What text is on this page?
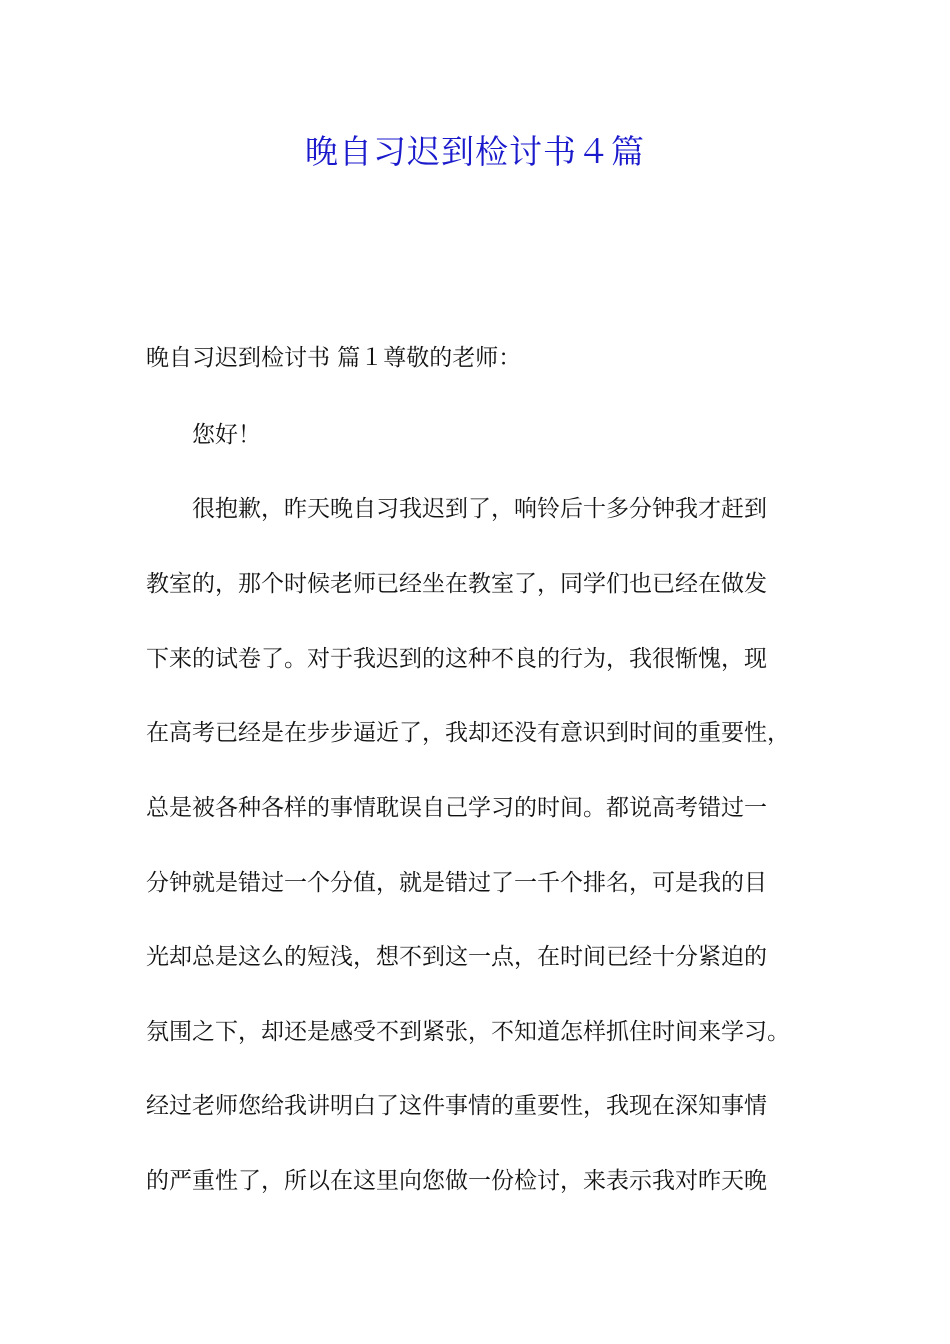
晚自习迟到检讨书４篇

晚自习迟到检讨书 篇１尊敬的老师：

您好！

很抱歉，昨天晚自习我迟到了，响铃后十多分钟我才赶到

教室的，那个时候老师已经坐在教室了，同学们也已经在做发

下来的试卷了。对于我迟到的这种不良的行为，我很惭愧，现

在高考已经是在步步逼近了，我却还没有意识到时间的重要性，

总是被各种各样的事情耽误自己学习的时间。都说高考错过一

分钟就是错过一个分值，就是错过了一千个排名，可是我的目

光却总是这么的短浅，想不到这一点，在时间已经十分紧迫的

氛围之下，却还是感受不到紧张，不知道怎样抓住时间来学习。

经过老师您给我讲明白了这件事情的重要性，我现在深知事情

的严重性了，所以在这里向您做一份检讨，来表示我对昨天晚
